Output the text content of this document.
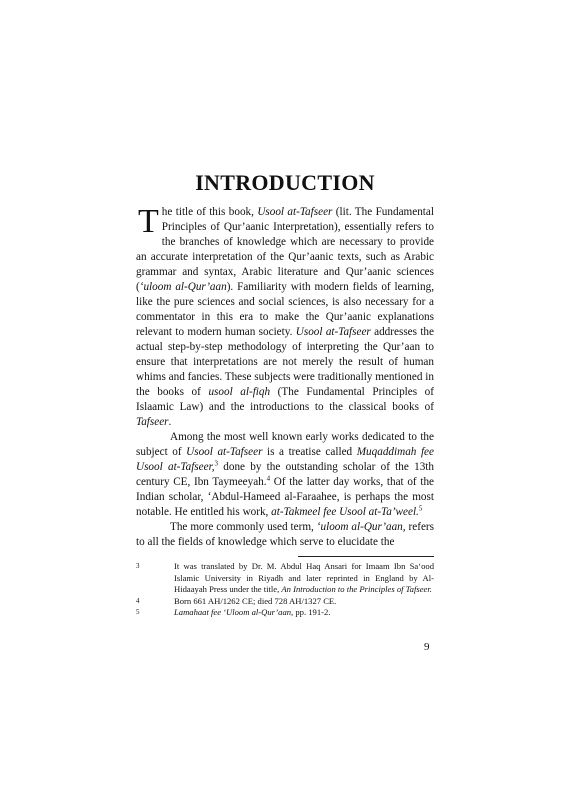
INTRODUCTION

The title of this book, Usool at-Tafseer (lit. The Fundamental Principles of Qur’aanic Interpretation), essentially refers to the branches of knowledge which are necessary to provide an accurate interpretation of the Qur’aanic texts, such as Arabic grammar and syntax, Arabic literature and Qur’aanic sciences (‘uloom al-Qur’aan). Familiarity with modern fields of learning, like the pure sciences and social sciences, is also necessary for a commentator in this era to make the Qur’aanic explanations relevant to modern human society. Usool at-Tafseer addresses the actual step-by-step methodology of interpreting the Qur’aan to ensure that interpretations are not merely the result of human whims and fancies. These subjects were traditionally mentioned in the books of usool al-fiqh (The Fundamental Principles of Islaamic Law) and the introductions to the classical books of Tafseer.

Among the most well known early works dedicated to the subject of Usool at-Tafseer is a treatise called Muqaddimah fee Usool at-Tafseer,$^3$ done by the outstanding scholar of the 13th century CE, Ibn Taymeeyah.$^4$ Of the latter day works, that of the Indian scholar, ‘Abdul-Hameed al-Faraahee, is perhaps the most notable. He entitled his work, at-Takmeel fee Usool at-Ta’weel.$^5$

The more commonly used term, ‘uloom al-Qur’aan, refers to all the fields of knowledge which serve to elucidate the

3	It was translated by Dr. M. Abdul Haq Ansari for Imaam Ibn Sa‘ood Islamic University in Riyadh and later reprinted in England by Al-Hidaayah Press under the title, An Introduction to the Principles of Tafseer.
4	Born 661 AH/1262 CE; died 728 AH/1327 CE.
5	Lamahaat fee ‘Uloom al-Qur’aan, pp. 191-2.
9
